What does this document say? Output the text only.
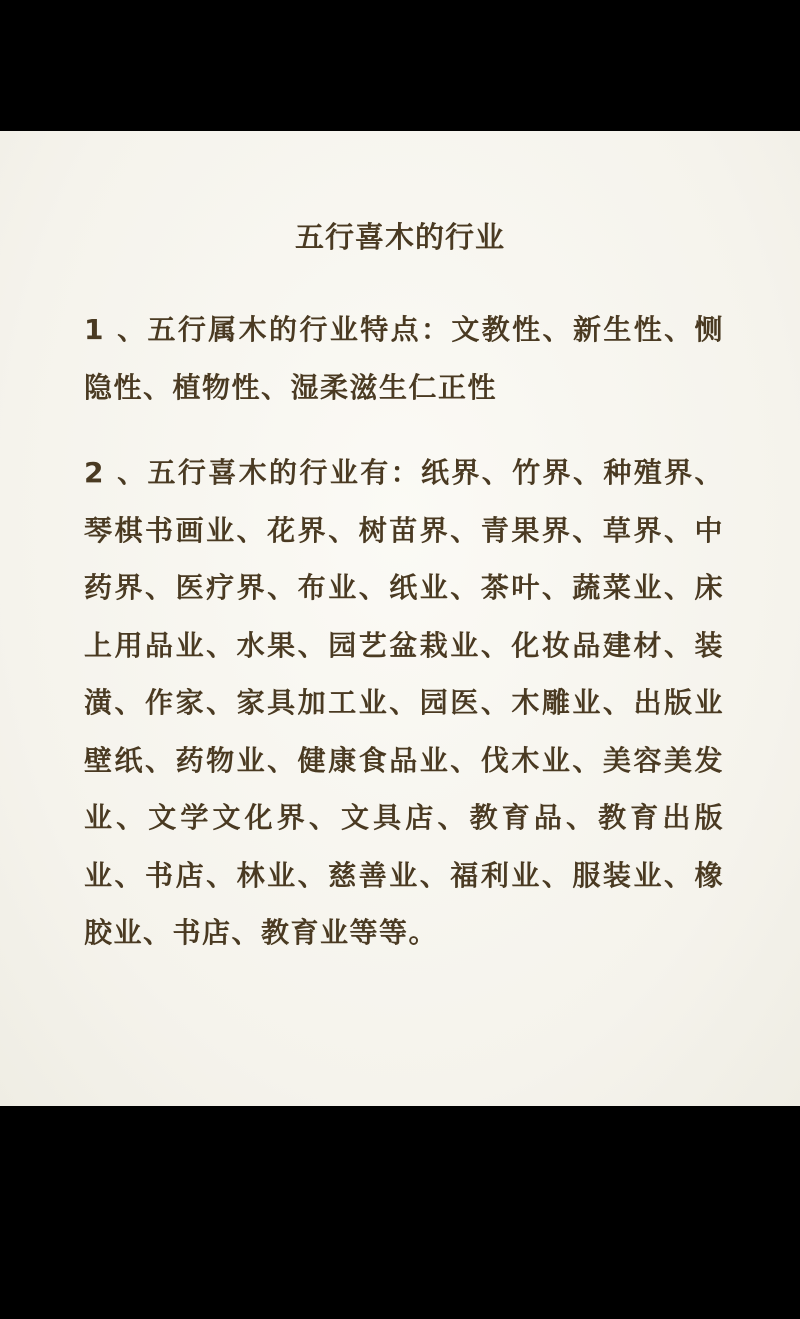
五行喜木的行业
1 、五行属木的行业特点：文教性、新生性、恻隐性、植物性、湿柔滋生仁正性
2 、五行喜木的行业有：纸界、竹界、种殖界、琴棋书画业、花界、树苗界、青果界、草界、中药界、医疗界、布业、纸业、茶叶、蔬菜业、床上用品业、水果、园艺盆栽业、化妆品建材、装潢、作家、家具加工业、园医、木雕业、出版业壁纸、药物业、健康食品业、伐木业、美容美发业、文学文化界、文具店、教育品、教育出版业、书店、林业、慈善业、福利业、服装业、橡胶业、书店、教育业等等。
